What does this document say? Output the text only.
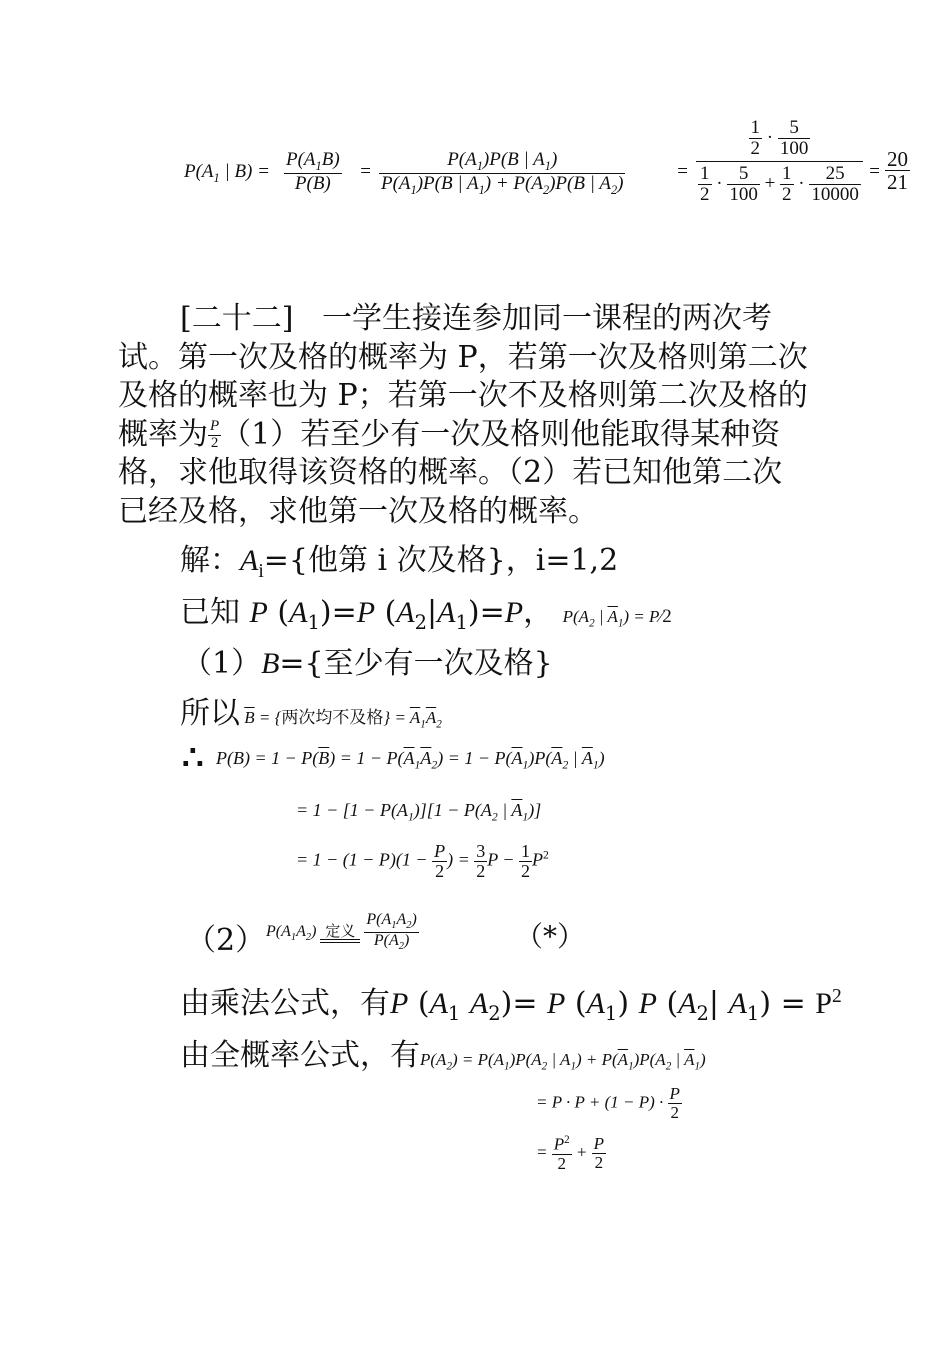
$P(A_1$ | $B) = \frac{P(A_1B)}{P(B)} = \frac{P(A_1)P(B | A_1)}{P(A_1)P(B | A_1) + P(A_2)P(B | A_2)}$	= $\frac{\frac{1}{2} \cdot \frac{5}{100}}{\frac{1}{2} \cdot \frac{5}{100} + \frac{1}{2} \cdot \frac{25}{10000}} = \frac{20}{21}$
[二十二] 一学生接连参加同一课程的两次考
试。第一次及格的概率为 P，若第一次及格则第二次
及格的概率也为 P；若第一次不及格则第二次及格的
概率为 $\frac{P}{2} (1)$若至少有一次及格则他能取得某种资
格，求他取得该资格的概率。（2）若已知他第二次
已经及格，求他第一次及格的概率。
解：$A_i=${他第 i 次及格}，i=1,2
已知 P $(A_1)=P$ $(A_2|A_1)=P$， $P(A_2$ | $\overline{A}_1$) = P⁄2
（1）B={至少有一次及格}
所以 $\overline{B}$ = {两次均不及格} = $\overline{A}_1\overline{A}_2$
∴ $P(B) = 1 - P(\overline{B}) = 1 - P(\overline{A}_1\overline{A}_2) = 1 - P(\overline{A}_1)P(\overline{A}_2$ | $\overline{A}_1$)
= $1 - [1 - P(A_1)][1 - P(A_2$ | $\overline{A}_1$)]
= $1 - (1 - P)(1 - \frac{P}{2}$ ) = $\frac{3}{2}$ $P - \frac{1}{2} P^2$
（2） $P(A_1A_2)$ 定义
$\frac{P(A_1A_2)}{P(A_2)}$	（*）
由乘法公式，有P ($A_1$ $A_2)= P$ $(A_1)$ P ($A_2|$ $A_1) = P^2$
由全概率公式，有$P(A_2) = P(A_1)P(A_2$ | $A_1) + P(\overline{A}_1)P(A_2$ | $\overline{A}_1$)
= $P \cdot P + (1 - P) \cdot \frac{P}{2}$
= $\frac{P^2}{2} + \frac{P}{2}$
